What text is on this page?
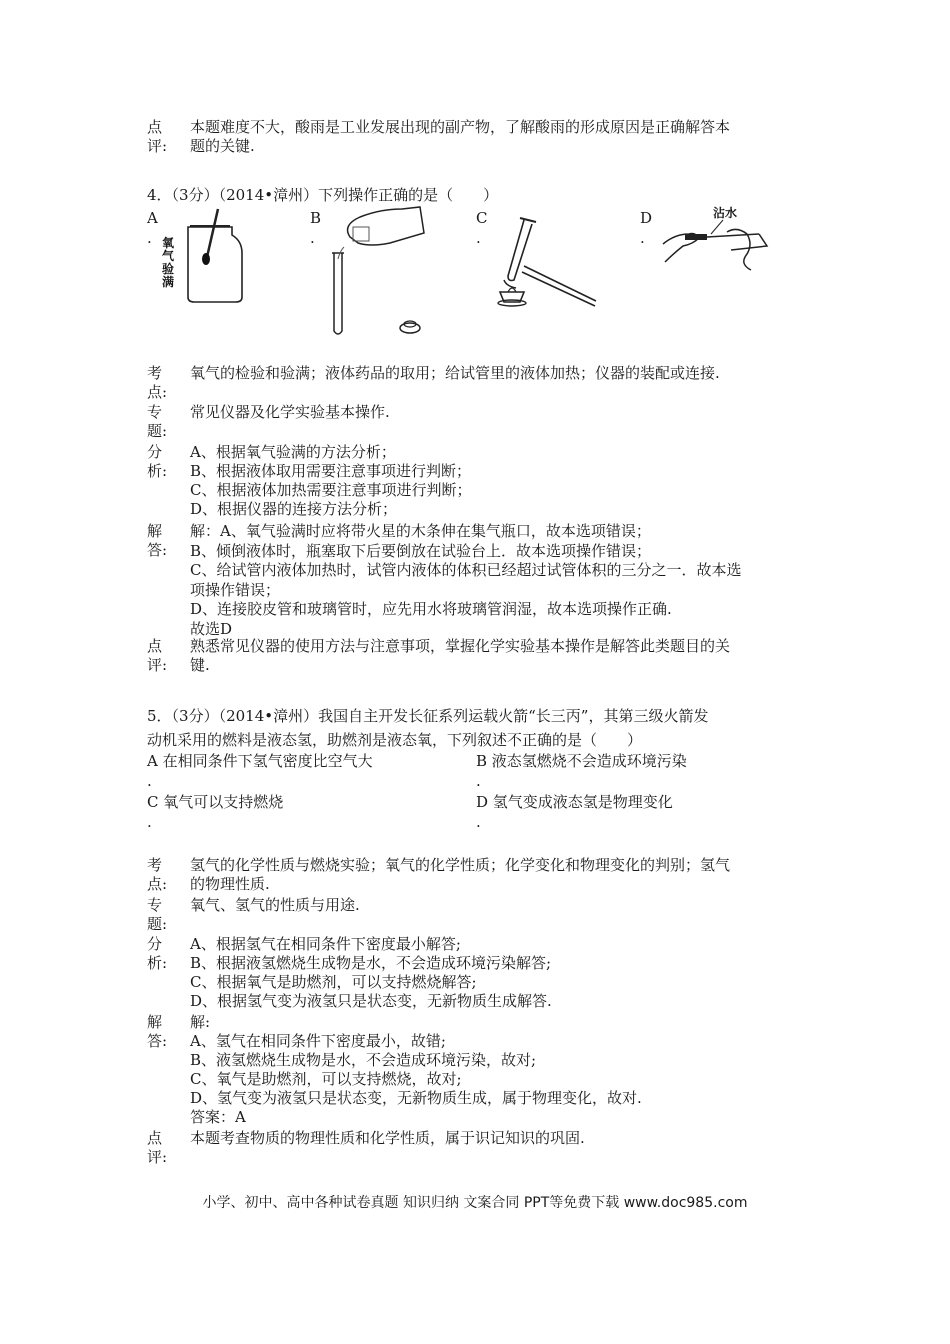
点
评:
本题难度不大，酸雨是工业发展出现的副产物，了解酸雨的形成原因是正确解答本
题的关键.
4．（3分）（2014•漳州）下列操作正确的是（　　）
A
.
B
.
C
.
D
.
氧 气 验 满
沾水
考
点:
氧气的检验和验满；液体药品的取用；给试管里的液体加热；仪器的装配或连接.
专
题:
常见仪器及化学实验基本操作.
分
析:
A、根据氧气验满的方法分析；
B、根据液体取用需要注意事项进行判断；
C、根据液体加热需要注意事项进行判断；
D、根据仪器的连接方法分析；
解
答:
解：A、氧气验满时应将带火星的木条伸在集气瓶口，故本选项错误；
B、倾倒液体时，瓶塞取下后要倒放在试验台上．故本选项操作错误；
C、给试管内液体加热时，试管内液体的体积已经超过试管体积的三分之一．故本选
项操作错误；
D、连接胶皮管和玻璃管时，应先用水将玻璃管润湿，故本选项操作正确.
故选D
点
评:
熟悉常见仪器的使用方法与注意事项，掌握化学实验基本操作是解答此类题目的关
键.
5．（3分）（2014•漳州）我国自主开发长征系列运载火箭“长三丙”，其第三级火箭发
动机采用的燃料是液态氢，助燃剂是液态氧，下列叙述不正确的是（　　）
A 在相同条件下氢气密度比空气大
.
B 液态氢燃烧不会造成环境污染
.
C 氧气可以支持燃烧
.
D 氢气变成液态氢是物理变化
.
考
点:
氢气的化学性质与燃烧实验；氧气的化学性质；化学变化和物理变化的判别；氢气
的物理性质.
专
题:
氧气、氢气的性质与用途.
分
析:
A、根据氢气在相同条件下密度最小解答;
B、根据液氢燃烧生成物是水，不会造成环境污染解答;
C、根据氧气是助燃剂，可以支持燃烧解答;
D、根据氢气变为液氢只是状态变，无新物质生成解答.
解
答:
解:
A、氢气在相同条件下密度最小，故错;
B、液氢燃烧生成物是水，不会造成环境污染，故对;
C、氧气是助燃剂，可以支持燃烧，故对;
D、氢气变为液氢只是状态变，无新物质生成，属于物理变化，故对.
答案：A
点
评:
本题考查物质的物理性质和化学性质，属于识记知识的巩固.
小学、初中、高中各种试卷真题 知识归纳 文案合同 PPT等免费下载 www.doc985.com
